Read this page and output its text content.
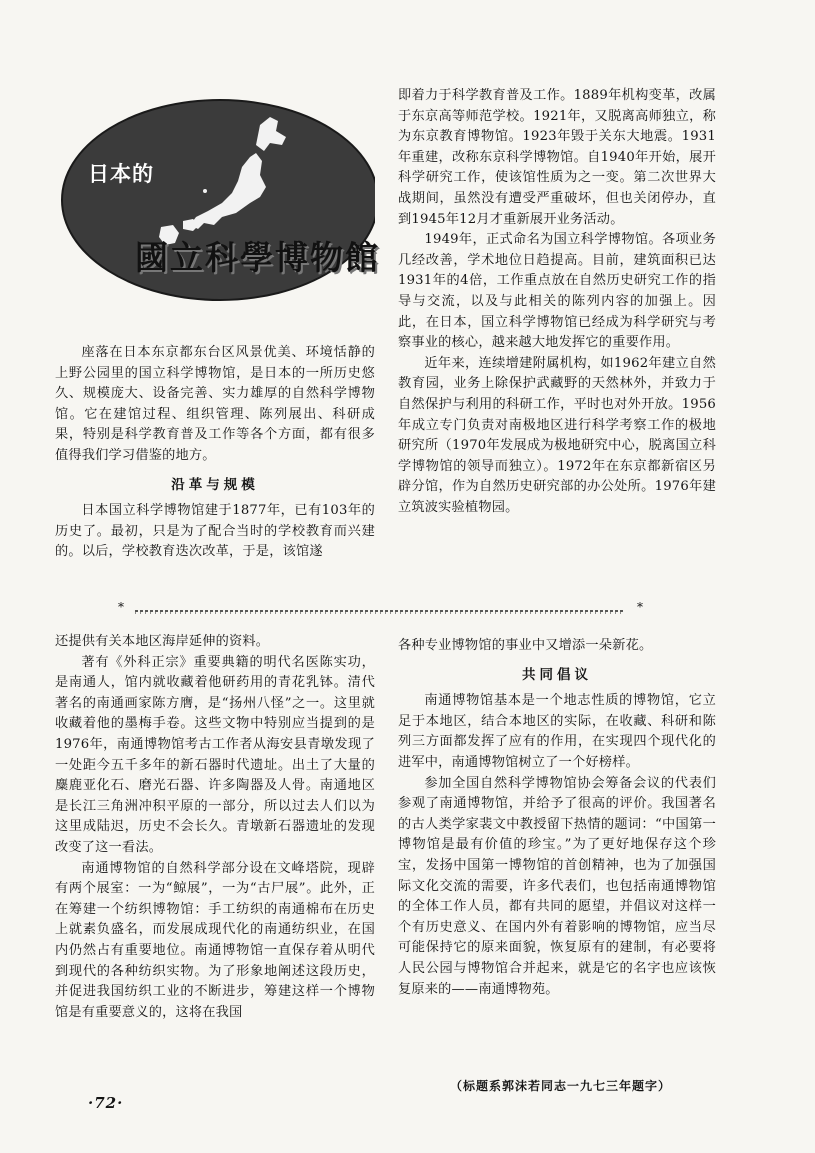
日本的
國立科學博物館

座落在日本东京都东台区风景优美、环境恬静的上野公园里的国立科学博物馆，是日本的一所历史悠久、规模庞大、设备完善、实力雄厚的自然科学博物馆。它在建馆过程、组织管理、陈列展出、科研成果，特别是科学教育普及工作等各个方面，都有很多值得我们学习借鉴的地方。

沿革与规模

日本国立科学博物馆建于1877年，已有103年的历史了。最初，只是为了配合当时的学校教育而兴建的。以后，学校教育迭次改革，于是，该馆遂

即着力于科学教育普及工作。1889年机构变革，改属于东京高等师范学校。1921年，又脱离高师独立，称为东京教育博物馆。1923年毁于关东大地震。1931年重建，改称东京科学博物馆。自1940年开始，展开科学研究工作，使该馆性质为之一变。第二次世界大战期间，虽然没有遭受严重破坏，但也关闭停办，直到1945年12月才重新展开业务活动。

1949年，正式命名为国立科学博物馆。各项业务几经改善，学术地位日趋提高。目前，建筑面积已达1931年的4倍，工作重点放在自然历史研究工作的指导与交流，以及与此相关的陈列内容的加强上。因此，在日本，国立科学博物馆已经成为科学研究与考察事业的核心，越来越大地发挥它的重要作用。

近年来，连续增建附属机构，如1962年建立自然教育园，业务上除保护武藏野的天然林外，并致力于自然保护与利用的科研工作，平时也对外开放。1956年成立专门负责对南极地区进行科学考察工作的极地研究所（1970年发展成为极地研究中心，脱离国立科学博物馆的领导而独立）。1972年在东京都新宿区另辟分馆，作为自然历史研究部的办公处所。1976年建立筑波实验植物园。

*	*

还提供有关本地区海岸延伸的资料。

著有《外科正宗》重要典籍的明代名医陈实功，是南通人，馆内就收藏着他研药用的青花乳钵。清代著名的南通画家陈方膺，是“扬州八怪”之一。这里就收藏着他的墨梅手卷。这些文物中特别应当提到的是1976年，南通博物馆考古工作者从海安县青墩发现了一处距今五千多年的新石器时代遗址。出土了大量的麋鹿亚化石、磨光石器、许多陶器及人骨。南通地区是长江三角洲冲积平原的一部分，所以过去人们以为这里成陆迟，历史不会长久。青墩新石器遗址的发现改变了这一看法。

南通博物馆的自然科学部分设在文峰塔院，现辟有两个展室：一为“鲸展”，一为“古尸展”。此外，正在筹建一个纺织博物馆：手工纺织的南通棉布在历史上就素负盛名，而发展成现代化的南通纺织业，在国内仍然占有重要地位。南通博物馆一直保存着从明代到现代的各种纺织实物。为了形象地阐述这段历史，并促进我国纺织工业的不断进步，筹建这样一个博物馆是有重要意义的，这将在我国

各种专业博物馆的事业中又增添一朵新花。

共同倡议

南通博物馆基本是一个地志性质的博物馆，它立足于本地区，结合本地区的实际，在收藏、科研和陈列三方面都发挥了应有的作用，在实现四个现代化的进军中，南通博物馆树立了一个好榜样。

参加全国自然科学博物馆协会筹备会议的代表们参观了南通博物馆，并给予了很高的评价。我国著名的古人类学家裴文中教授留下热情的题词：“中国第一博物馆是最有价值的珍宝。”为了更好地保存这个珍宝，发扬中国第一博物馆的首创精神，也为了加强国际文化交流的需要，许多代表们，也包括南通博物馆的全体工作人员，都有共同的愿望，并倡议对这样一个有历史意义、在国内外有着影响的博物馆，应当尽可能保持它的原来面貌，恢复原有的建制，有必要将人民公园与博物馆合并起来，就是它的名字也应该恢复原来的——南通博物苑。

（标题系郭沫若同志一九七三年题字）
·72·
